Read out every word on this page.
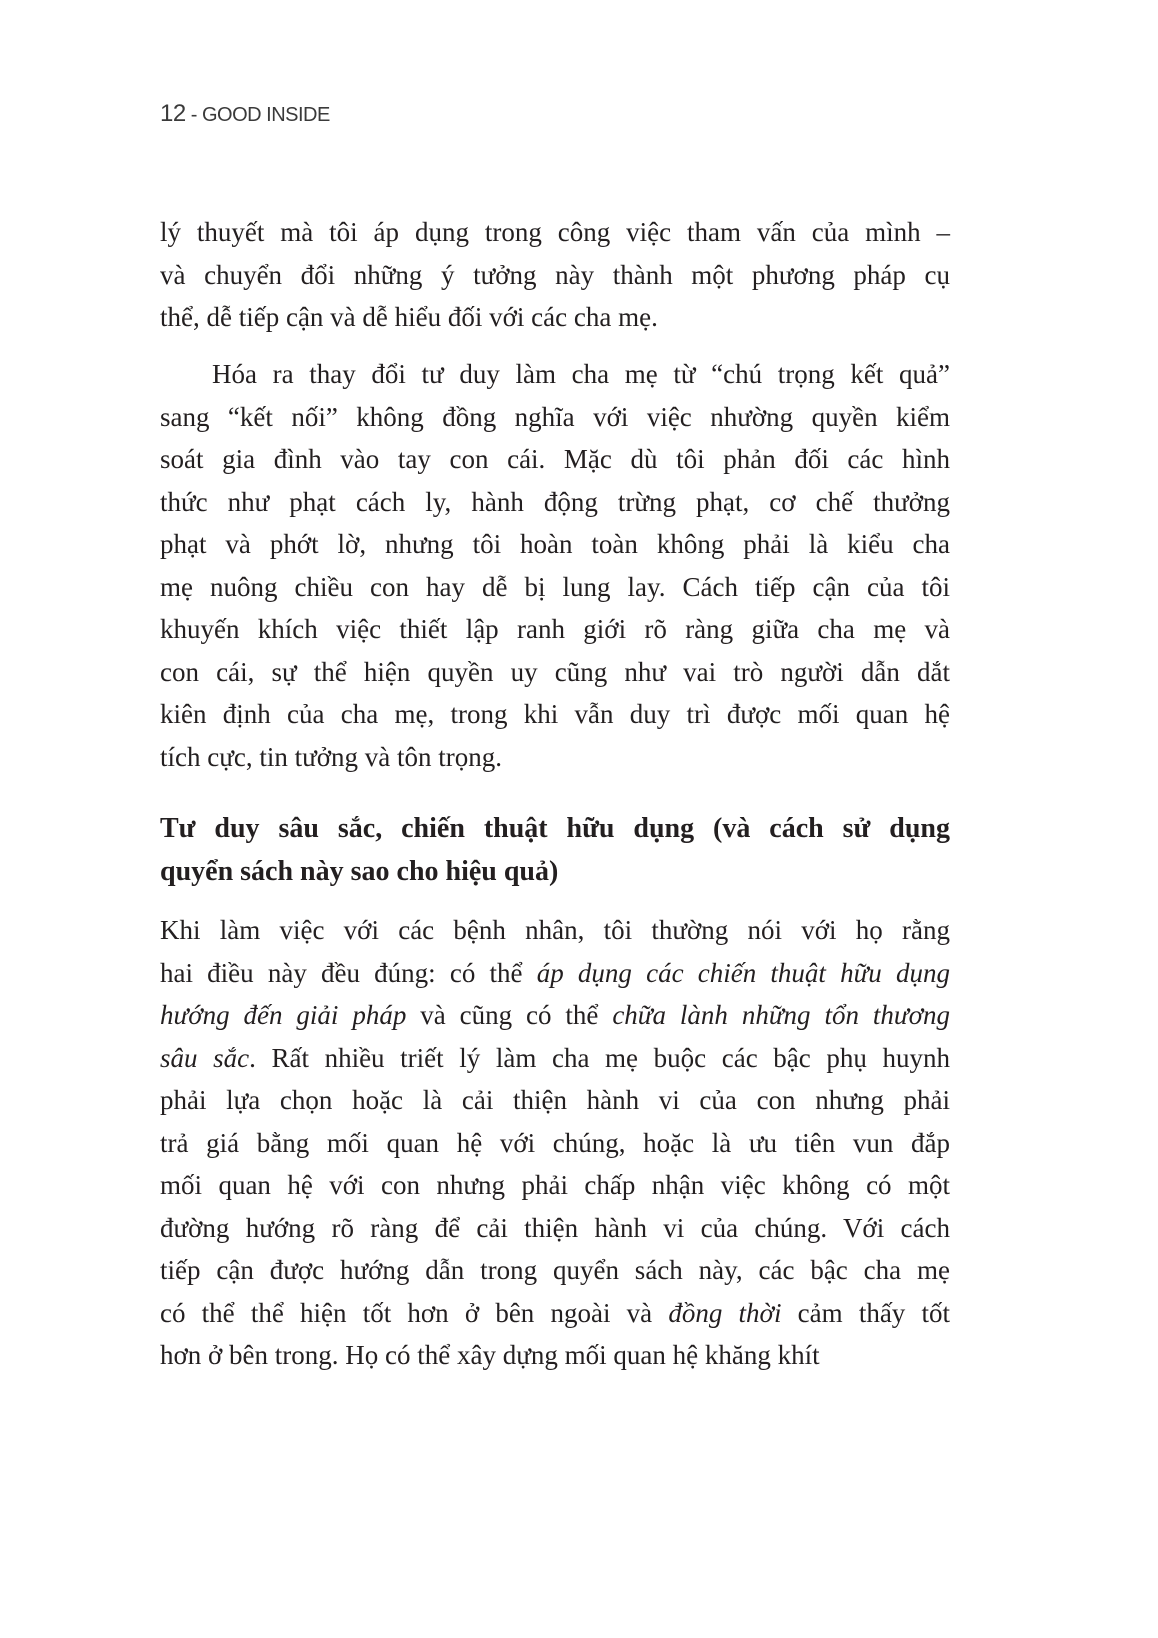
12 - GOOD INSIDE
lý thuyết mà tôi áp dụng trong công việc tham vấn của mình –
và chuyển đổi những ý tưởng này thành một phương pháp cụ
thể, dễ tiếp cận và dễ hiểu đối với các cha mẹ.
Hóa ra thay đổi tư duy làm cha mẹ từ “chú trọng kết quả”
sang “kết nối” không đồng nghĩa với việc nhường quyền kiểm
soát gia đình vào tay con cái. Mặc dù tôi phản đối các hình
thức như phạt cách ly, hành động trừng phạt, cơ chế thưởng
phạt và phớt lờ, nhưng tôi hoàn toàn không phải là kiểu cha
mẹ nuông chiều con hay dễ bị lung lay. Cách tiếp cận của tôi
khuyến khích việc thiết lập ranh giới rõ ràng giữa cha mẹ và
con cái, sự thể hiện quyền uy cũng như vai trò người dẫn dắt
kiên định của cha mẹ, trong khi vẫn duy trì được mối quan hệ
tích cực, tin tưởng và tôn trọng.
Tư duy sâu sắc, chiến thuật hữu dụng (và cách sử dụng
quyển sách này sao cho hiệu quả)
Khi làm việc với các bệnh nhân, tôi thường nói với họ rằng
hai điều này đều đúng: có thể áp dụng các chiến thuật hữu dụng
hướng đến giải pháp và cũng có thể chữa lành những tổn thương
sâu sắc. Rất nhiều triết lý làm cha mẹ buộc các bậc phụ huynh
phải lựa chọn hoặc là cải thiện hành vi của con nhưng phải
trả giá bằng mối quan hệ với chúng, hoặc là ưu tiên vun đắp
mối quan hệ với con nhưng phải chấp nhận việc không có một
đường hướng rõ ràng để cải thiện hành vi của chúng. Với cách
tiếp cận được hướng dẫn trong quyển sách này, các bậc cha mẹ
có thể thể hiện tốt hơn ở bên ngoài và đồng thời cảm thấy tốt
hơn ở bên trong. Họ có thể xây dựng mối quan hệ khăng khít
